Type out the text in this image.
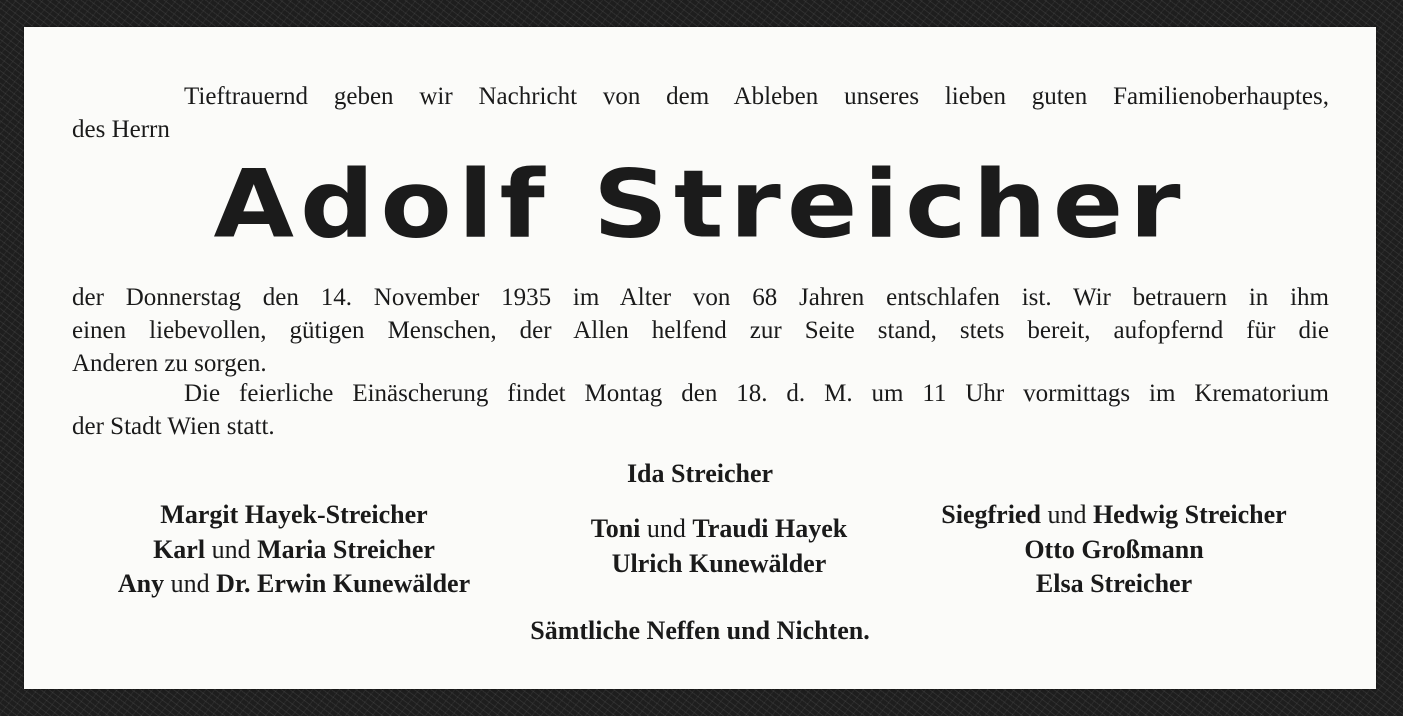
Tieftrauernd geben wir Nachricht von dem Ableben unseres lieben guten Familienoberhauptes,
des Herrn
Adolf Streicher
der Donnerstag den 14. November 1935 im Alter von 68 Jahren entschlafen ist. Wir betrauern in ihm
einen liebevollen, gütigen Menschen, der Allen helfend zur Seite stand, stets bereit, aufopfernd für die
Anderen zu sorgen.
Die feierliche Einäscherung findet Montag den 18. d. M. um 11 Uhr vormittags im Krematorium
der Stadt Wien statt.
Ida Streicher
Margit Hayek-Streicher
Karl und Maria Streicher
Any und Dr. Erwin Kunewälder
Toni und Traudi Hayek
Ulrich Kunewälder
Siegfried und Hedwig Streicher
Otto Großmann
Elsa Streicher
Sämtliche Neffen und Nichten.
